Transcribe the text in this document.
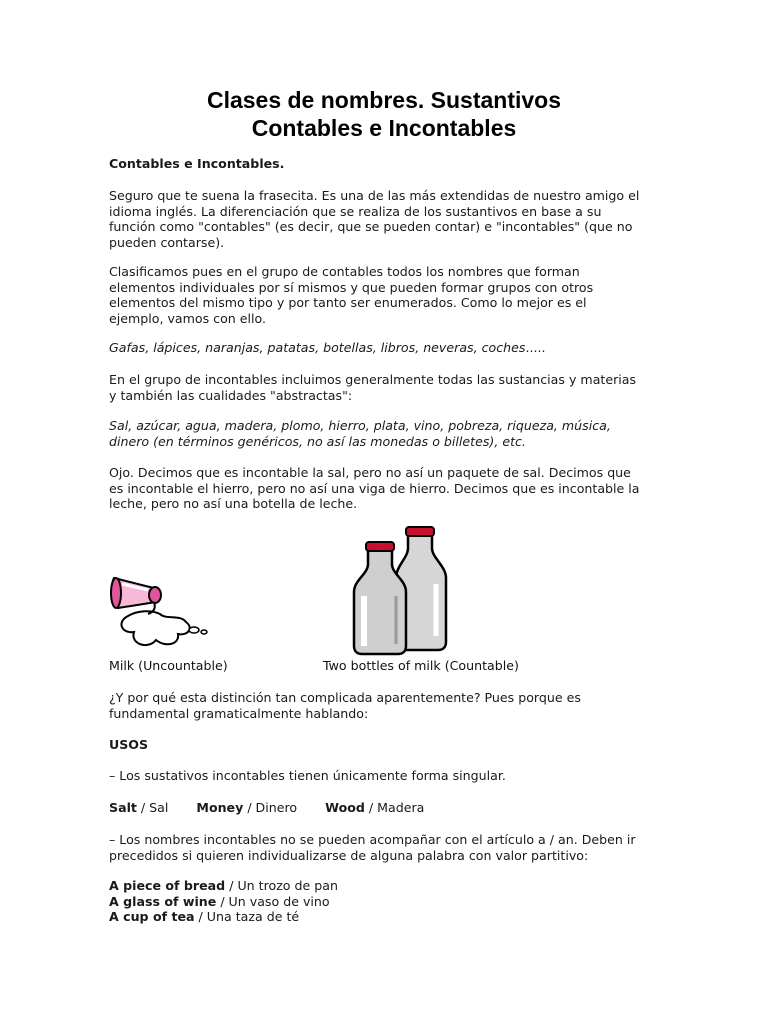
Clases de nombres. Sustantivos
Contables e Incontables
Contables e Incontables.
Seguro que te suena la frasecita. Es una de las más extendidas de nuestro amigo el
idioma inglés. La diferenciación que se realiza de los sustantivos en base a su
función como "contables" (es decir, que se pueden contar) e "incontables" (que no
pueden contarse).
Clasificamos pues en el grupo de contables todos los nombres que forman
elementos individuales por sí mismos y que pueden formar grupos con otros
elementos del mismo tipo y por tanto ser enumerados. Como lo mejor es el
ejemplo, vamos con ello.
Gafas, lápices, naranjas, patatas, botellas, libros, neveras, coches.....
En el grupo de incontables incluimos generalmente todas las sustancias y materias
y también las cualidades "abstractas":
Sal, azúcar, agua, madera, plomo, hierro, plata, vino, pobreza, riqueza, música,
dinero (en términos genéricos, no así las monedas o billetes), etc.
Ojo. Decimos que es incontable la sal, pero no así un paquete de sal. Decimos que
es incontable el hierro, pero no así una viga de hierro. Decimos que es incontable la
leche, pero no así una botella de leche.
Milk (Uncountable)	Two bottles of milk (Countable)
¿Y por qué esta distinción tan complicada aparentemente? Pues porque es
fundamental gramaticalmente hablando:
USOS
– Los sustativos incontables tienen únicamente forma singular.
Salt / Sal Money / Dinero Wood / Madera
– Los nombres incontables no se pueden acompañar con el artículo a / an. Deben ir
precedidos si quieren individualizarse de alguna palabra con valor partitivo:
A piece of bread / Un trozo de pan
A glass of wine / Un vaso de vino
A cup of tea / Una taza de té
